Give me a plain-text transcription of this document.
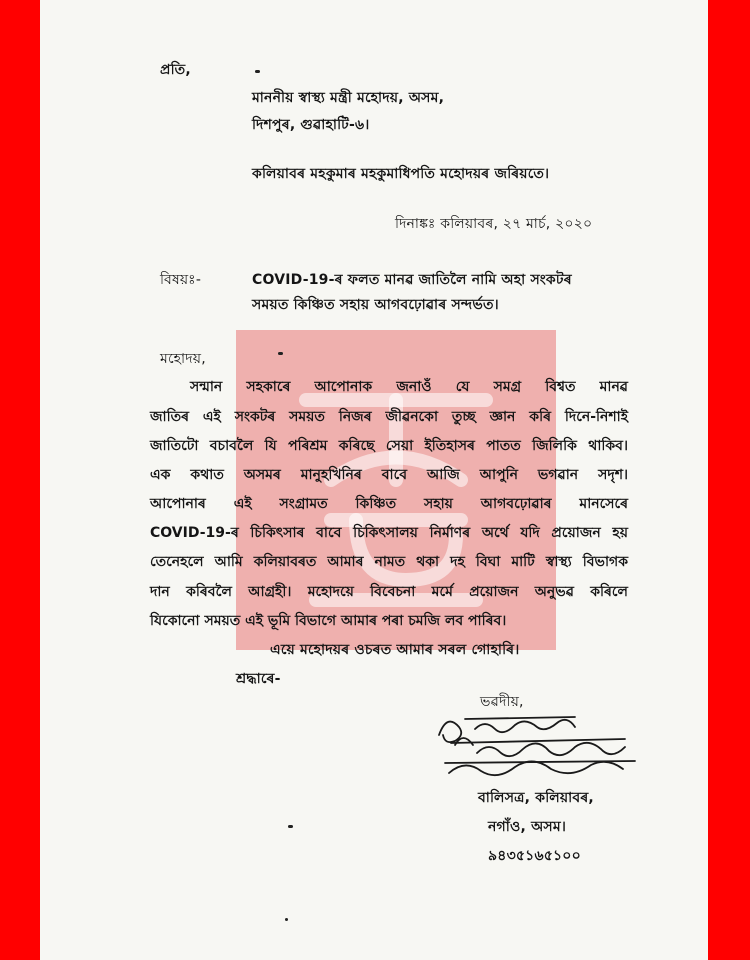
প্ৰতি,
মাননীয় স্বাস্থ্য মন্ত্ৰী মহোদয়, অসম,
দিশপুৰ, গুৱাহাটি-৬।
কলিয়াবৰ মহকুমাৰ মহকুমাধিপতি মহোদয়ৰ জৰিয়তে।
দিনাঙ্কঃ কলিয়াবৰ, ২৭ মাৰ্চ, ২০২০
বিষয়ঃ-	COVID-19-ৰ ফলত মানৱ জাতিলৈ নামি অহা সংকটৰ
সময়ত কিঞ্চিত সহায় আগবঢ়োৱাৰ সন্দৰ্ভত।
মহোদয়,
সন্মান সহকাৰে আপোনাক জনাওঁ যে সমগ্ৰ বিশ্বত মানৱ
জাতিৰ এই সংকটৰ সময়ত নিজৰ জীৱনকো তুচ্ছ জ্ঞান কৰি দিনে-নিশাই
জাতিটো বচাবলৈ যি পৰিশ্ৰম কৰিছে সেয়া ইতিহাসৰ পাতত জিলিকি থাকিব।
এক কথাত অসমৰ মানুহখিনিৰ বাবে আজি আপুনি ভগৱান সদৃশ।
আপোনাৰ এই সংগ্ৰামত কিঞ্চিত সহায় আগবঢ়োৱাৰ মানসেৰে
COVID-19-ৰ চিকিৎসাৰ বাবে চিকিৎসালয় নিৰ্মাণৰ অৰ্থে যদি প্ৰয়োজন হয়
তেনেহলে আমি কলিয়াবৰত আমাৰ নামত থকা দহ বিঘা মাটি স্বাস্থ্য বিভাগক
দান কৰিবলৈ আগ্ৰহী। মহোদয়ে বিবেচনা মৰ্মে প্ৰয়োজন অনুভৱ কৰিলে
যিকোনো সময়ত এই ভূমি বিভাগে আমাৰ পৰা চমজি লব পাৰিব।
এয়ে মহোদয়ৰ ওচৰত আমাৰ সৰল গোহাৰি।
শ্ৰদ্ধাৰে-
ভৱদীয়,
বালিসত্ৰ, কলিয়াবৰ,
নগাঁও, অসম।
৯৪৩৫১৬৫১০০
